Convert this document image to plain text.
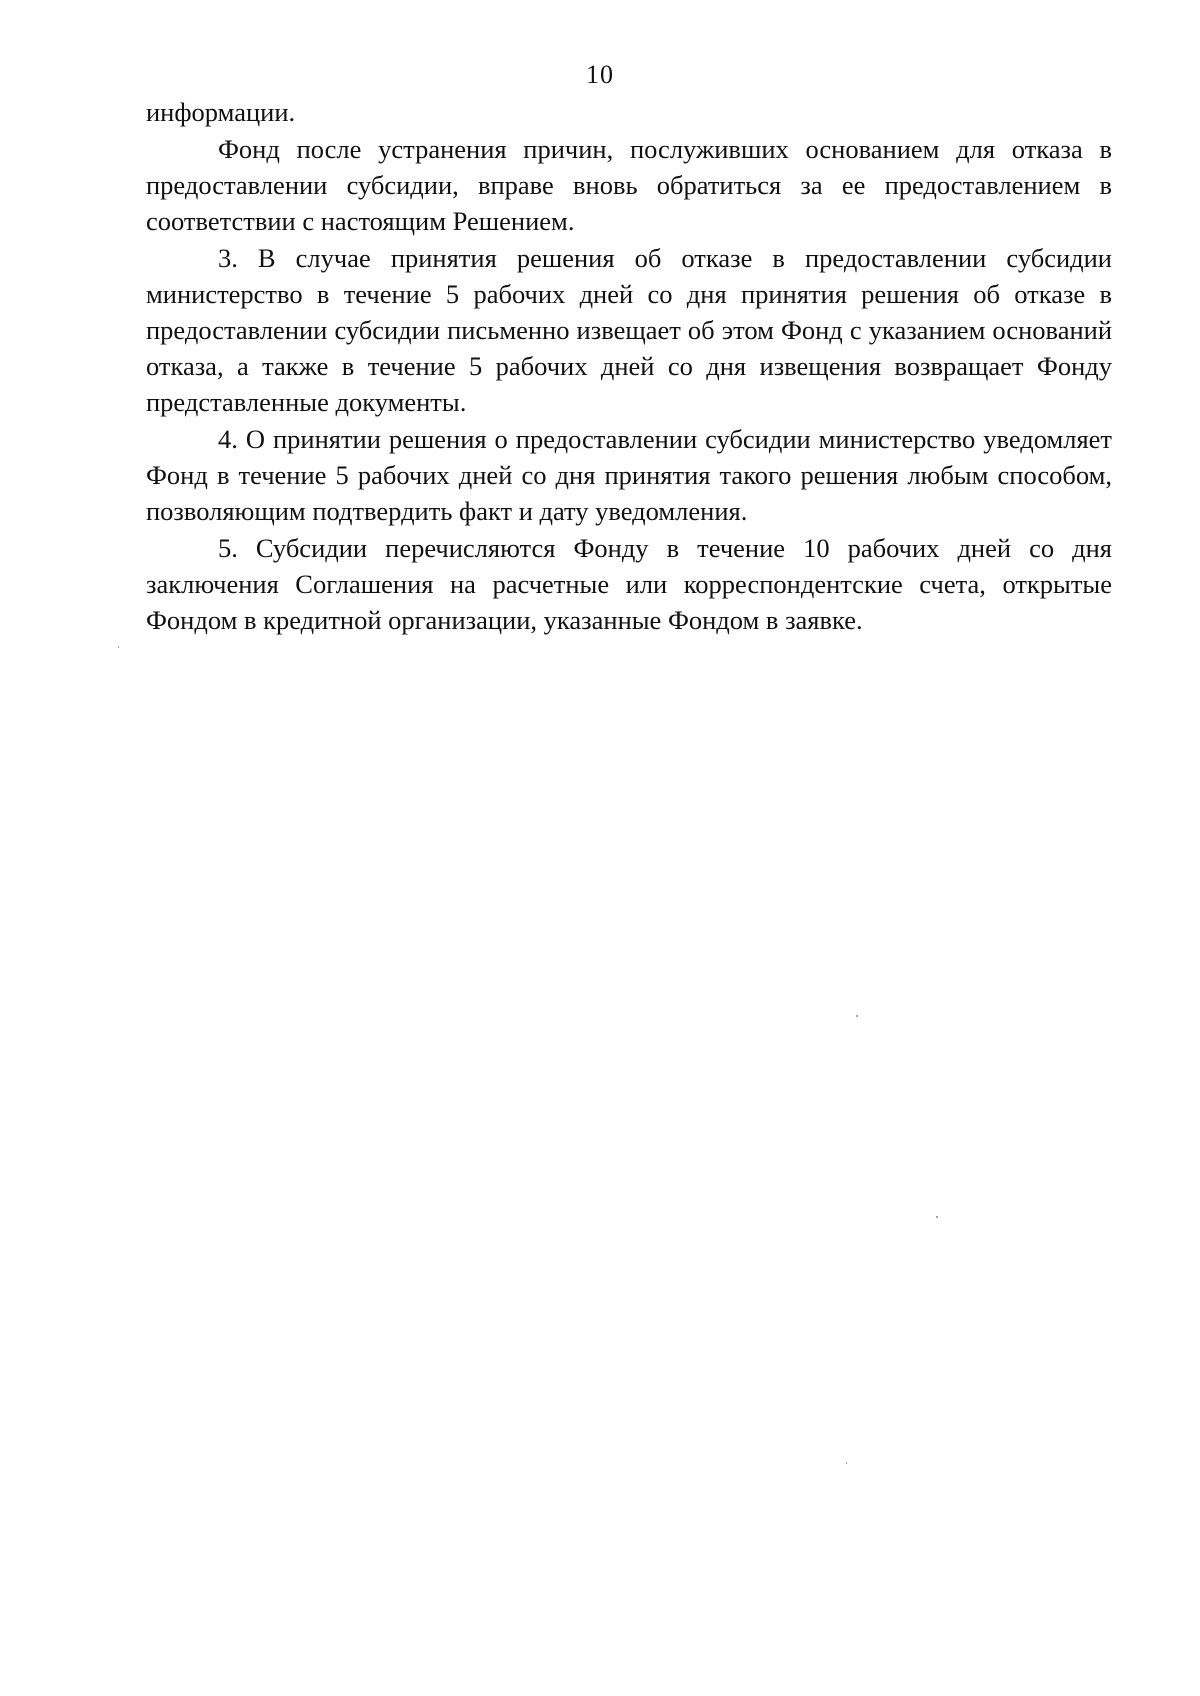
10

информации.

Фонд после устранения причин, послуживших основанием для отказа в предоставлении субсидии, вправе вновь обратиться за ее предоставлением в соответствии с настоящим Решением.

3. В случае принятия решения об отказе в предоставлении субсидии министерство в течение 5 рабочих дней со дня принятия решения об отказе в предоставлении субсидии письменно извещает об этом Фонд с указанием оснований отказа, а также в течение 5 рабочих дней со дня извещения возвращает Фонду представленные документы.

4. О принятии решения о предоставлении субсидии министерство уведомляет Фонд в течение 5 рабочих дней со дня принятия такого решения любым способом, позволяющим подтвердить факт и дату уведомления.

5. Субсидии перечисляются Фонду в течение 10 рабочих дней со дня заключения Соглашения на расчетные или корреспондентские счета, открытые Фондом в кредитной организации, указанные Фондом в заявке.
